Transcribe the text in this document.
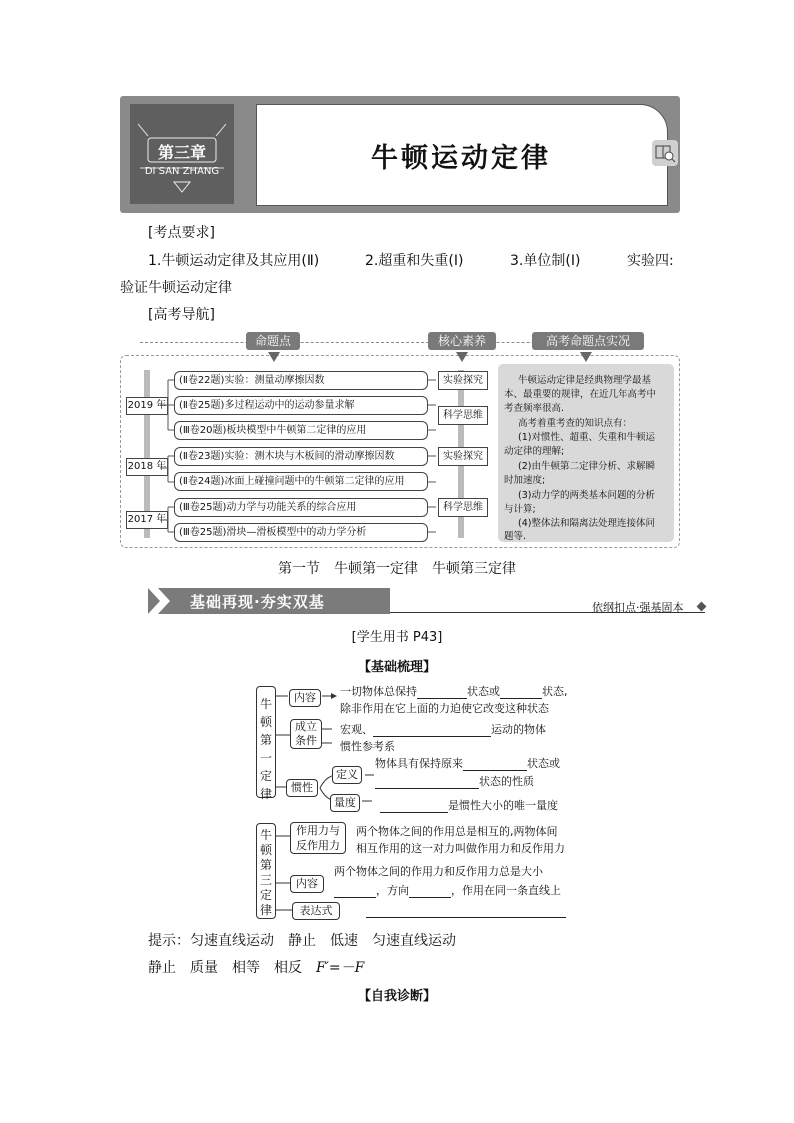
第三章
DI SAN ZHANG	牛顿运动定律
[考点要求]
1.牛顿运动定律及其应用(Ⅱ)	2.超重和失重(Ⅰ)	3.单位制(Ⅰ)	实验四:
验证牛顿运动定律
[高考导航]
命题点	核心素养	高考命题点实况
2019 年
2018 年
2017 年
(Ⅱ卷22题)实验：测量动摩擦因数
(Ⅱ卷25题)多过程运动中的运动参量求解
(Ⅲ卷20题)板块模型中牛顿第二定律的应用
(Ⅱ卷23题)实验：测木块与木板间的滑动摩擦因数
(Ⅱ卷24题)冰面上碰撞问题中的牛顿第二定律的应用
(Ⅲ卷25题)动力学与功能关系的综合应用
(Ⅲ卷25题)滑块—滑板模型中的动力学分析
实验探究
科学思维
实验探究
科学思维
牛顿运动定律是经典物理学最基
本、最重要的规律，在近几年高考中
考查频率很高.
高考着重考查的知识点有：
(1)对惯性、超重、失重和牛顿运
动定律的理解;
(2)由牛顿第二定律分析、求解瞬
时加速度;
(3)动力学的两类基本问题的分析
与计算;
(4)整体法和隔离法处理连接体问
题等.
第一节　牛顿第一定律　牛顿第三定律
基础再现·夯实双基	依纲扣点·强基固本
[学生用书 P43]
【基础梳理】
牛顿第一定律
内容	一切物体总保持	状态或	状态,
除非作用在它上面的力迫使它改变这种状态
成立条件
宏观、	运动的物体
惯性参考系
惯性
定义
物体具有保持原来	状态或
状态的性质
量度	是惯性大小的唯一量度
牛顿第三定律
作用力与反作用力
两个物体之间的作用总是相互的,两物体间
相互作用的这一对力叫做作用力和反作用力
内容
两个物体之间的作用力和反作用力总是大小
，方向	，作用在同一条直线上
表达式
提示：匀速直线运动　静止　低速　匀速直线运动
静止　质量　相等　相反　F′=－F
【自我诊断】
